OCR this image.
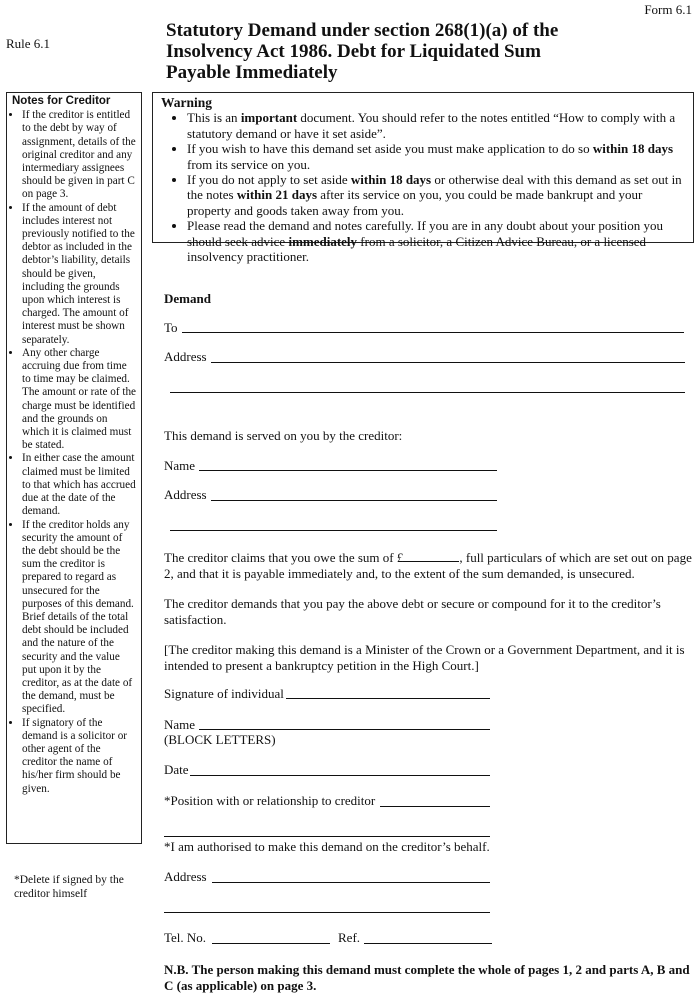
Form 6.1
Rule 6.1
Statutory Demand under section 268(1)(a) of the Insolvency Act 1986. Debt for Liquidated Sum Payable Immediately
Notes for Creditor
• If the creditor is entitled to the debt by way of assignment, details of the original creditor and any intermediary assignees should be given in part C on page 3.
• If the amount of debt includes interest not previously notified to the debtor as included in the debtor’s liability, details should be given, including the grounds upon which interest is charged. The amount of interest must be shown separately.
• Any other charge accruing due from time to time may be claimed. The amount or rate of the charge must be identified and the grounds on which it is claimed must be stated.
• In either case the amount claimed must be limited to that which has accrued due at the date of the demand.
• If the creditor holds any security the amount of the debt should be the sum the creditor is prepared to regard as unsecured for the purposes of this demand. Brief details of the total debt should be included and the nature of the security and the value put upon it by the creditor, as at the date of the demand, must be specified.
• If signatory of the demand is a solicitor or other agent of the creditor the name of his/her firm should be given.
*Delete if signed by the creditor himself
Warning
• This is an important document. You should refer to the notes entitled “How to comply with a statutory demand or have it set aside”.
• If you wish to have this demand set aside you must make application to do so within 18 days from its service on you.
• If you do not apply to set aside within 18 days or otherwise deal with this demand as set out in the notes within 21 days after its service on you, you could be made bankrupt and your property and goods taken away from you.
• Please read the demand and notes carefully. If you are in any doubt about your position you should seek advice immediately from a solicitor, a Citizen Advice Bureau, or a licensed insolvency practitioner.
Demand
To
Address
This demand is served on you by the creditor:
Name
Address
The creditor claims that you owe the sum of £	, full particulars of which are set out on page 2, and that it is payable immediately and, to the extent of the sum demanded, is unsecured.
The creditor demands that you pay the above debt or secure or compound for it to the creditor’s satisfaction.
[The creditor making this demand is a Minister of the Crown or a Government Department, and it is intended to present a bankruptcy petition in the High Court.]
Signature of individual
Name
(BLOCK LETTERS)
Date
*Position with or relationship to creditor
*I am authorised to make this demand on the creditor’s behalf.
Address
Tel. No.	Ref.
N.B. The person making this demand must complete the whole of pages 1, 2 and parts A, B and C (as applicable) on page 3.
